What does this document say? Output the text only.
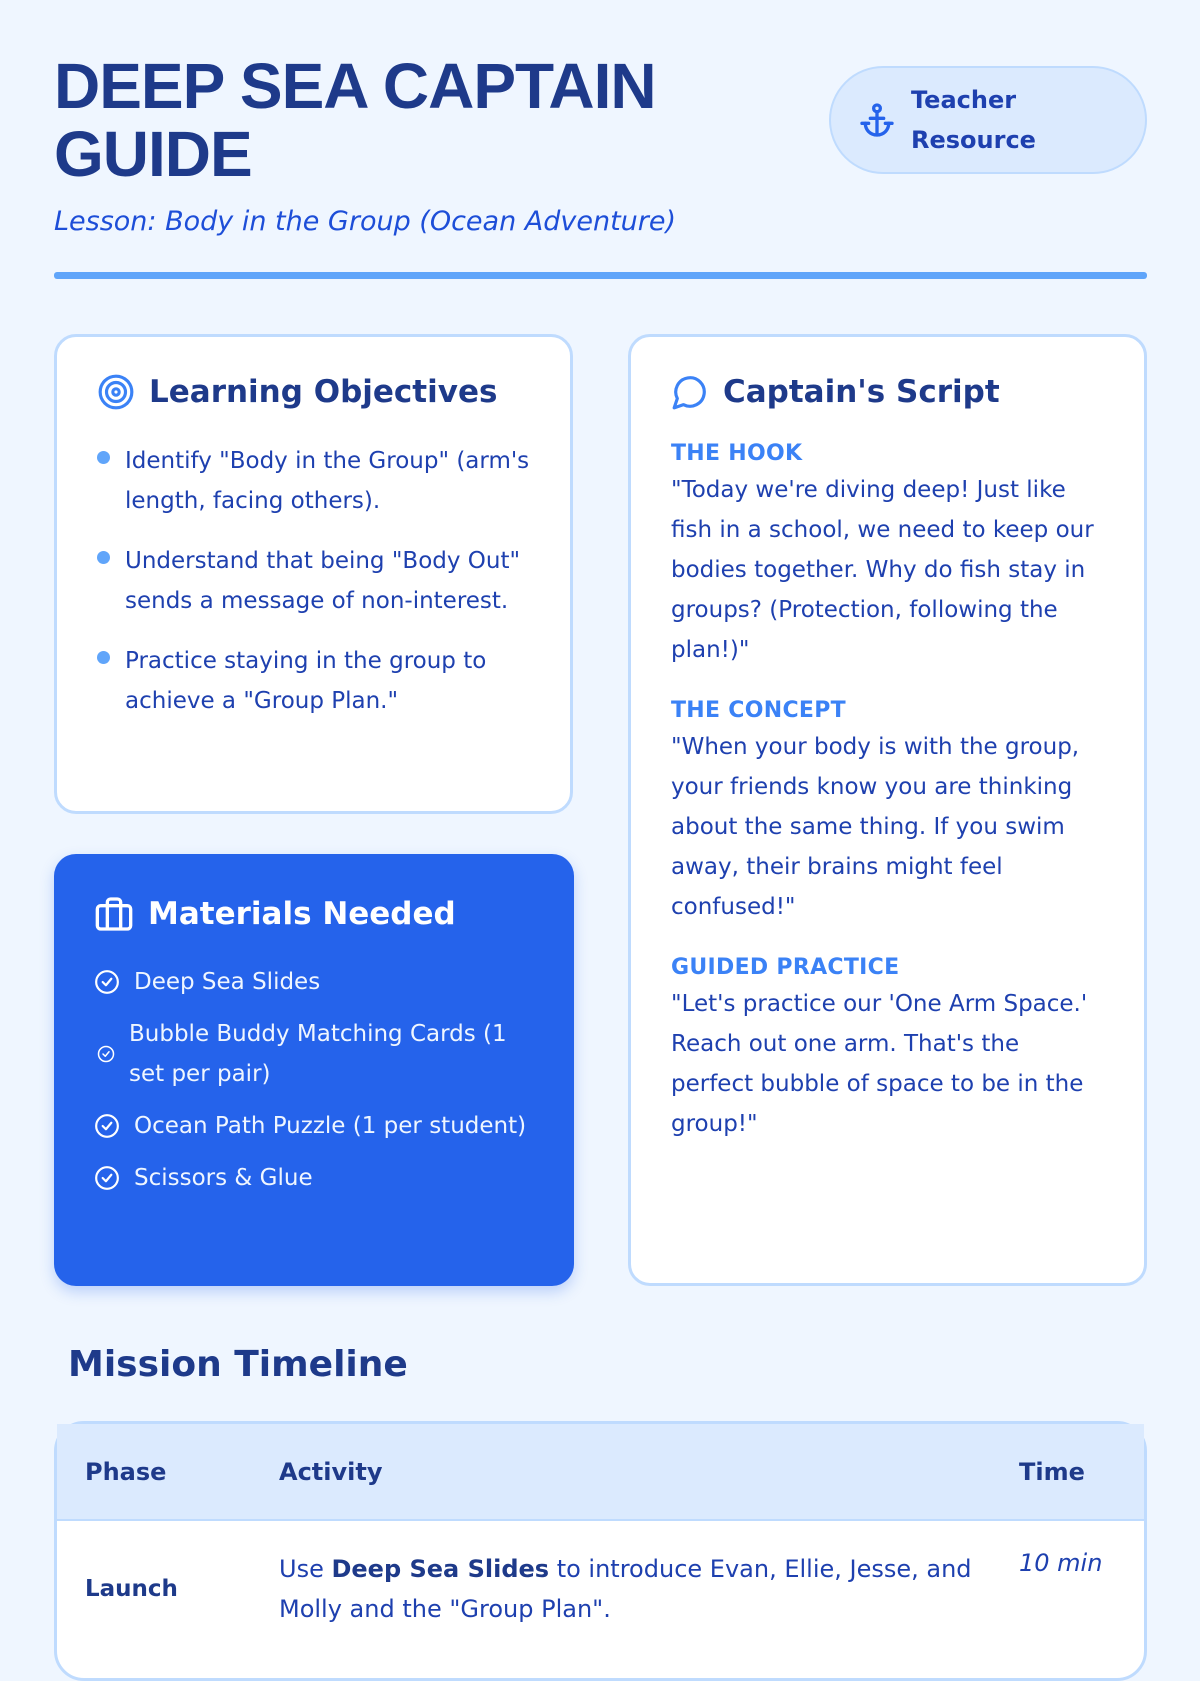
DEEP SEA CAPTAIN GUIDE
Lesson: Body in the Group (Ocean Adventure)
Teacher Resource
Learning Objectives
Identify "Body in the Group" (arm's length, facing others).
Understand that being "Body Out" sends a message of non-interest.
Practice staying in the group to achieve a "Group Plan."
Materials Needed
Deep Sea Slides
Bubble Buddy Matching Cards (1 set per pair)
Ocean Path Puzzle (1 per student)
Scissors & Glue
Captain's Script
THE HOOK
"Today we're diving deep! Just like fish in a school, we need to keep our bodies together. Why do fish stay in groups? (Protection, following the plan!)"
THE CONCEPT
"When your body is with the group, your friends know you are thinking about the same thing. If you swim away, their brains might feel confused!"
GUIDED PRACTICE
"Let's practice our 'One Arm Space.' Reach out one arm. That's the perfect bubble of space to be in the group!"
Mission Timeline
Phase	Activity	Time
Launch
Use Deep Sea Slides to introduce Evan, Ellie, Jesse, and Molly and the "Group Plan".
10 min
